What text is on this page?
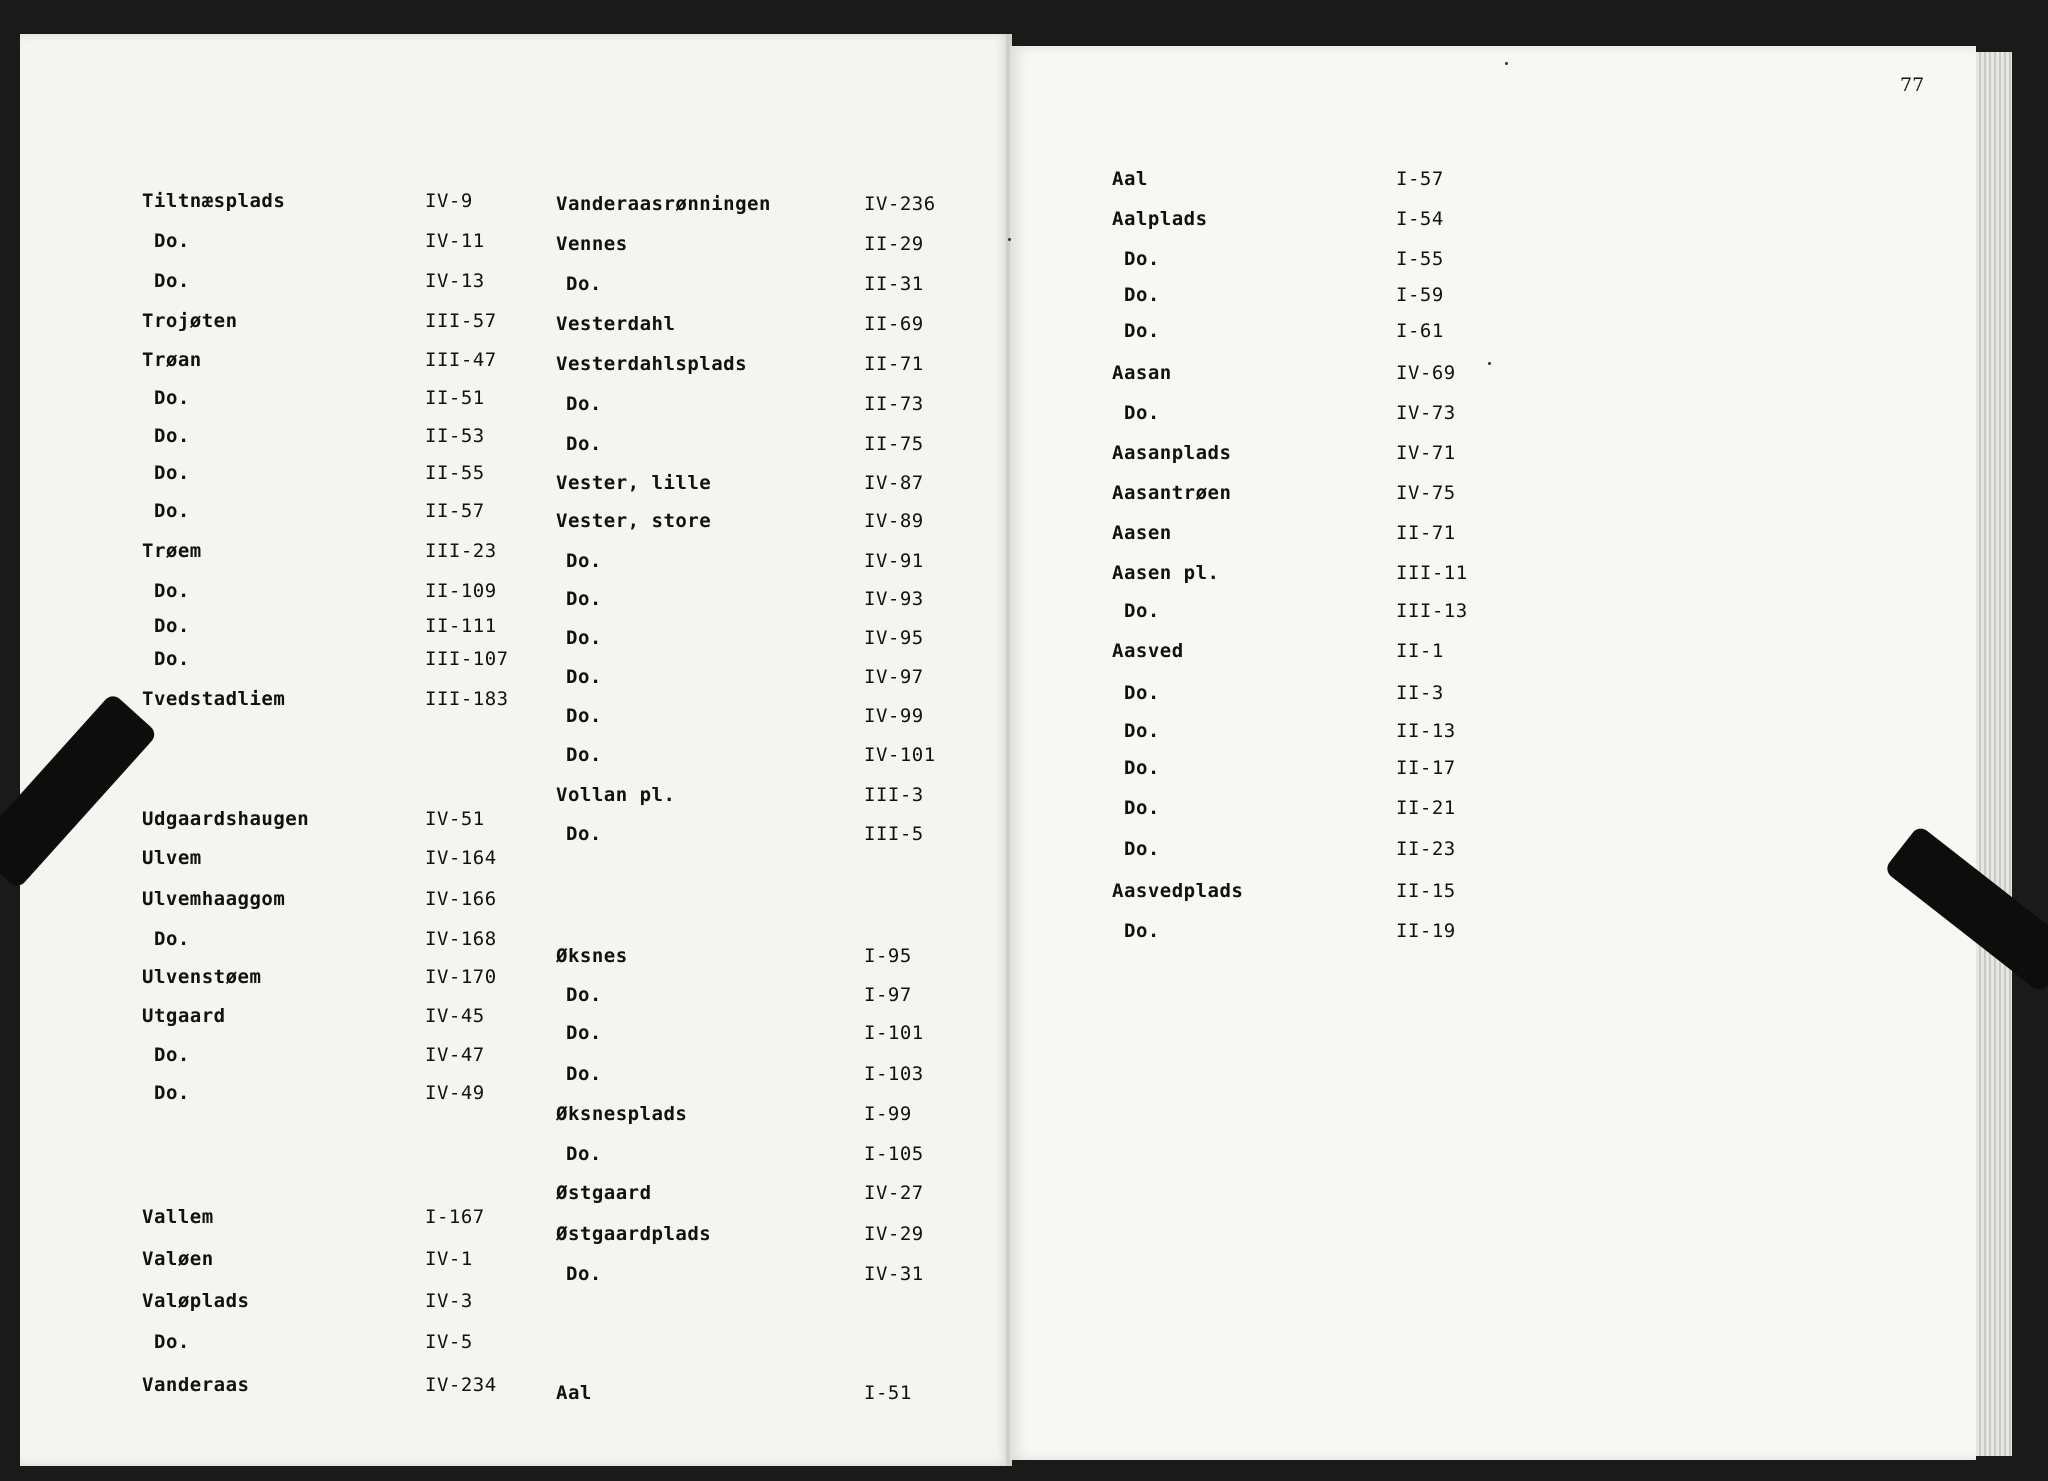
77
Tiltnæsplads	IV-9
Do.	IV-11
Do.	IV-13
Trojøten	III-57
Trøan	III-47
Do.	II-51
Do.	II-53
Do.	II-55
Do.	II-57
Trøem	III-23
Do.	II-109
Do.	II-111
Do.	III-107
Tvedstadliem	III-183
Udgaardshaugen	IV-51
Ulvem	IV-164
Ulvemhaaggom	IV-166
Do.	IV-168
Ulvenstøem	IV-170
Utgaard	IV-45
Do.	IV-47
Do.	IV-49
Vallem	I-167
Valøen	IV-1
Valøplads	IV-3
Do.	IV-5
Vanderaas	IV-234
Vanderaasrønningen	IV-236
Vennes	II-29
Do.	II-31
Vesterdahl	II-69
Vesterdahlsplads	II-71
Do.	II-73
Do.	II-75
Vester, lille	IV-87
Vester, store	IV-89
Do.	IV-91
Do.	IV-93
Do.	IV-95
Do.	IV-97
Do.	IV-99
Do.	IV-101
Vollan pl.	III-3
Do.	III-5
Øksnes	I-95
Do.	I-97
Do.	I-101
Do.	I-103
Øksnesplads	I-99
Do.	I-105
Østgaard	IV-27
Østgaardplads	IV-29
Do.	IV-31
Aal	I-51
Aal	I-57
Aalplads	I-54
Do.	I-55
Do.	I-59
Do.	I-61
Aasan	IV-69
Do.	IV-73
Aasanplads	IV-71
Aasantrøen	IV-75
Aasen	II-71
Aasen pl.	III-11
Do.	III-13
Aasved	II-1
Do.	II-3
Do.	II-13
Do.	II-17
Do.	II-21
Do.	II-23
Aasvedplads	II-15
Do.	II-19
